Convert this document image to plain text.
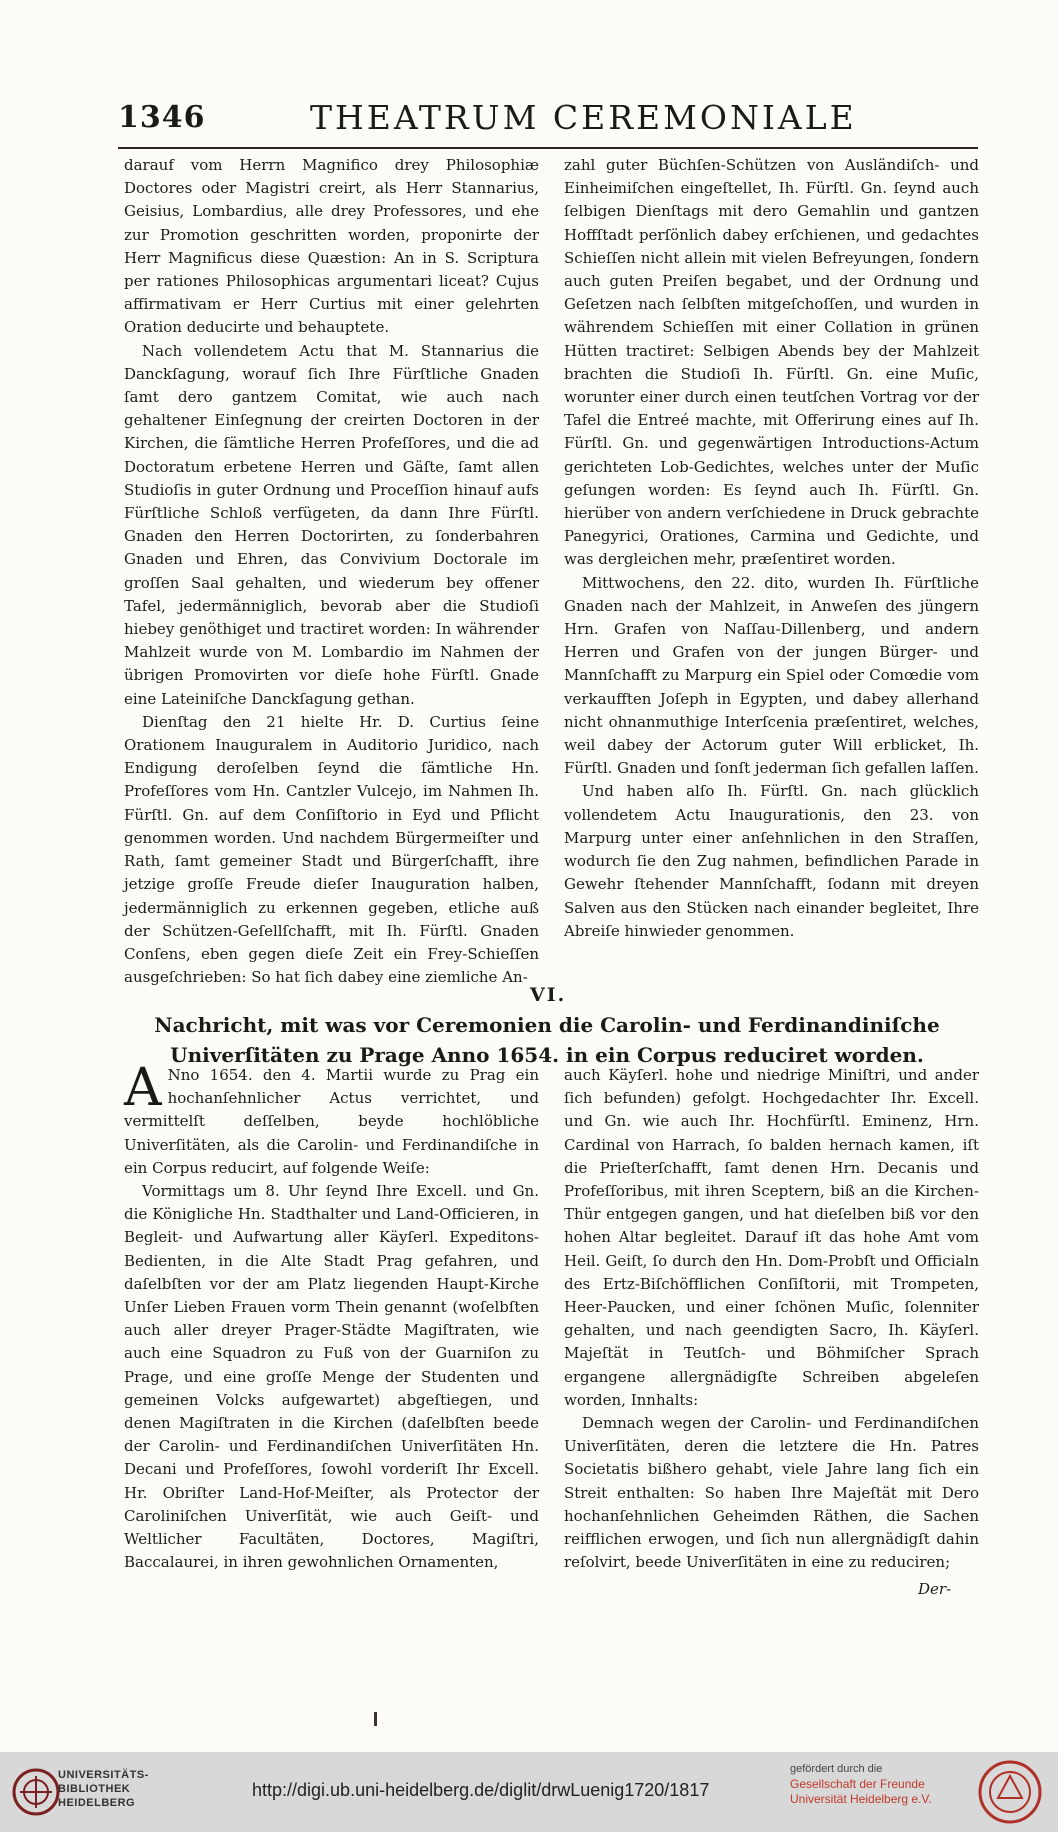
1346	THEATRUM CEREMONIALE

darauf vom Herrn Magnifico drey Philosophiæ Doctores oder Magistri creirt, als Herr Stannarius, Geisius, Lombardius, alle drey Professores, und ehe zur Promotion geschritten worden, proponirte der Herr Magnificus diese Quæstion: An in S. Scriptura per rationes Philosophicas argumentari liceat? Cujus affirmativam er Herr Curtius mit einer gelehrten Oration deducirte und behauptete.

Nach vollendetem Actu that M. Stannarius die Danckſagung, worauf ſich Ihre Fürſtliche Gnaden ſamt dero gantzem Comitat, wie auch nach gehaltener Einſegnung der creirten Doctoren in der Kirchen, die ſämtliche Herren Profeſſores, und die ad Doctoratum erbetene Herren und Gäſte, ſamt allen Studioſis in guter Ordnung und Proceſſion hinauf aufs Fürſtliche Schloß verfügeten, da dann Ihre Fürſtl. Gnaden den Herren Doctorirten, zu ſonderbahren Gnaden und Ehren, das Convivium Doctorale im groſſen Saal gehalten, und wiederum bey offener Tafel, jedermänniglich, bevorab aber die Studioſi hiebey genöthiget und tractiret worden: In währender Mahlzeit wurde von M. Lombardio im Nahmen der übrigen Promovirten vor dieſe hohe Fürſtl. Gnade eine Lateiniſche Danckſagung gethan.

Dienſtag den 21 hielte Hr. D. Curtius ſeine Orationem Inauguralem in Auditorio Juridico, nach Endigung deroſelben ſeynd die ſämtliche Hn. Profeſſores vom Hn. Cantzler Vulcejo, im Nahmen Ih. Fürſtl. Gn. auf dem Conſiſtorio in Eyd und Pflicht genommen worden. Und nachdem Bürgermeiſter und Rath, ſamt gemeiner Stadt und Bürgerſchafft, ihre jetzige groſſe Freude dieſer Inauguration halben, jedermänniglich zu erkennen gegeben, etliche auß der Schützen-Geſellſchafft, mit Ih. Fürſtl. Gnaden Conſens, eben gegen dieſe Zeit ein Frey-Schieſſen ausgeſchrieben: So hat ſich dabey eine ziemliche An-

zahl guter Büchſen-Schützen von Ausländiſch- und Einheimiſchen eingeſtellet, Ih. Fürſtl. Gn. ſeynd auch ſelbigen Dienſtags mit dero Gemahlin und gantzen Hoffſtadt perſönlich dabey erſchienen, und gedachtes Schieſſen nicht allein mit vielen Befreyungen, ſondern auch guten Preiſen begabet, und der Ordnung und Geſetzen nach ſelbſten mitgeſchoſſen, und wurden in währendem Schieſſen mit einer Collation in grünen Hütten tractiret: Selbigen Abends bey der Mahlzeit brachten die Studioſi Ih. Fürſtl. Gn. eine Muſic, worunter einer durch einen teutſchen Vortrag vor der Tafel die Entreé machte, mit Offerirung eines auf Ih. Fürſtl. Gn. und gegenwärtigen Introductions-Actum gerichteten Lob-Gedichtes, welches unter der Muſic geſungen worden: Es ſeynd auch Ih. Fürſtl. Gn. hierüber von andern verſchiedene in Druck gebrachte Panegyrici, Orationes, Carmina und Gedichte, und was dergleichen mehr, præſentiret worden.

Mittwochens, den 22. dito, wurden Ih. Fürſtliche Gnaden nach der Mahlzeit, in Anweſen des jüngern Hrn. Grafen von Naſſau-Dillenberg, und andern Herren und Grafen von der jungen Bürger- und Mannſchafft zu Marpurg ein Spiel oder Comœdie vom verkaufften Joſeph in Egypten, und dabey allerhand nicht ohnanmuthige Interſcenia præſentiret, welches, weil dabey der Actorum guter Will erblicket, Ih. Fürſtl. Gnaden und ſonſt jederman ſich gefallen laſſen.

Und haben alſo Ih. Fürſtl. Gn. nach glücklich vollendetem Actu Inaugurationis, den 23. von Marpurg unter einer anſehnlichen in den Straſſen, wodurch ſie den Zug nahmen, befindlichen Parade in Gewehr ſtehender Mannſchafft, ſodann mit dreyen Salven aus den Stücken nach einander begleitet, Ihre Abreiſe hinwieder genommen.

VI.
Nachricht, mit was vor Ceremonien die Carolin- und Ferdinandiniſche Univerſitäten zu Prage Anno 1654. in ein Corpus reduciret worden.

A Nno 1654. den 4. Martii wurde zu Prag ein hochanſehnlicher Actus verrichtet, und vermittelſt deſſelben, beyde hochlöbliche Univerſitäten, als die Carolin- und Ferdinandiſche in ein Corpus reducirt, auf folgende Weiſe:

Vormittags um 8. Uhr ſeynd Ihre Excell. und Gn. die Königliche Hn. Stadthalter und Land-Officieren, in Begleit- und Aufwartung aller Käyſerl. Expeditons-Bedienten, in die Alte Stadt Prag gefahren, und daſelbſten vor der am Platz liegenden Haupt-Kirche Unſer Lieben Frauen vorm Thein genannt (woſelbſten auch aller dreyer Prager-Städte Magiſtraten, wie auch eine Squadron zu Fuß von der Guarniſon zu Prage, und eine groſſe Menge der Studenten und gemeinen Volcks aufgewartet) abgeſtiegen, und denen Magiſtraten in die Kirchen (daſelbſten beede der Carolin- und Ferdinandiſchen Univerſitäten Hn. Decani und Profeſſores, ſowohl vorderiſt Ihr Excell. Hr. Obriſter Land-Hof-Meiſter, als Protector der Caroliniſchen Univerſität, wie auch Geiſt- und Weltlicher Facultäten, Doctores, Magiſtri, Baccalaurei, in ihren gewohnlichen Ornamenten,

auch Käyſerl. hohe und niedrige Miniſtri, und ander ſich befunden) gefolgt. Hochgedachter Ihr. Excell. und Gn. wie auch Ihr. Hochfürſtl. Eminenz, Hrn. Cardinal von Harrach, ſo balden hernach kamen, iſt die Prieſterſchafft, ſamt denen Hrn. Decanis und Profeſſoribus, mit ihren Sceptern, biß an die Kirchen-Thür entgegen gangen, und hat dieſelben biß vor den hohen Altar begleitet. Darauf iſt das hohe Amt vom Heil. Geiſt, ſo durch den Hn. Dom-Probſt und Officialn des Ertz-Biſchöfflichen Conſiſtorii, mit Trompeten, Heer-Paucken, und einer ſchönen Muſic, ſolenniter gehalten, und nach geendigten Sacro, Ih. Käyſerl. Majeſtät in Teutſch- und Böhmiſcher Sprach ergangene allergnädigſte Schreiben abgeleſen worden, Innhalts:

Demnach wegen der Carolin- und Ferdinandiſchen Univerſitäten, deren die letztere die Hn. Patres Societatis bißhero gehabt, viele Jahre lang ſich ein Streit enthalten: So haben Ihre Majeſtät mit Dero hochanſehnlichen Geheimden Räthen, die Sachen reifflichen erwogen, und ſich nun allergnädigſt dahin reſolvirt, beede Univerſitäten in eine zu reduciren;

Der-
UNIVERSITÄTS-
BIBLIOTHEK
HEIDELBERG
http://digi.ub.uni-heidelberg.de/diglit/drwLuenig1720/1817
gefördert durch die
Gesellschaft der Freunde
Universität Heidelberg e.V.
